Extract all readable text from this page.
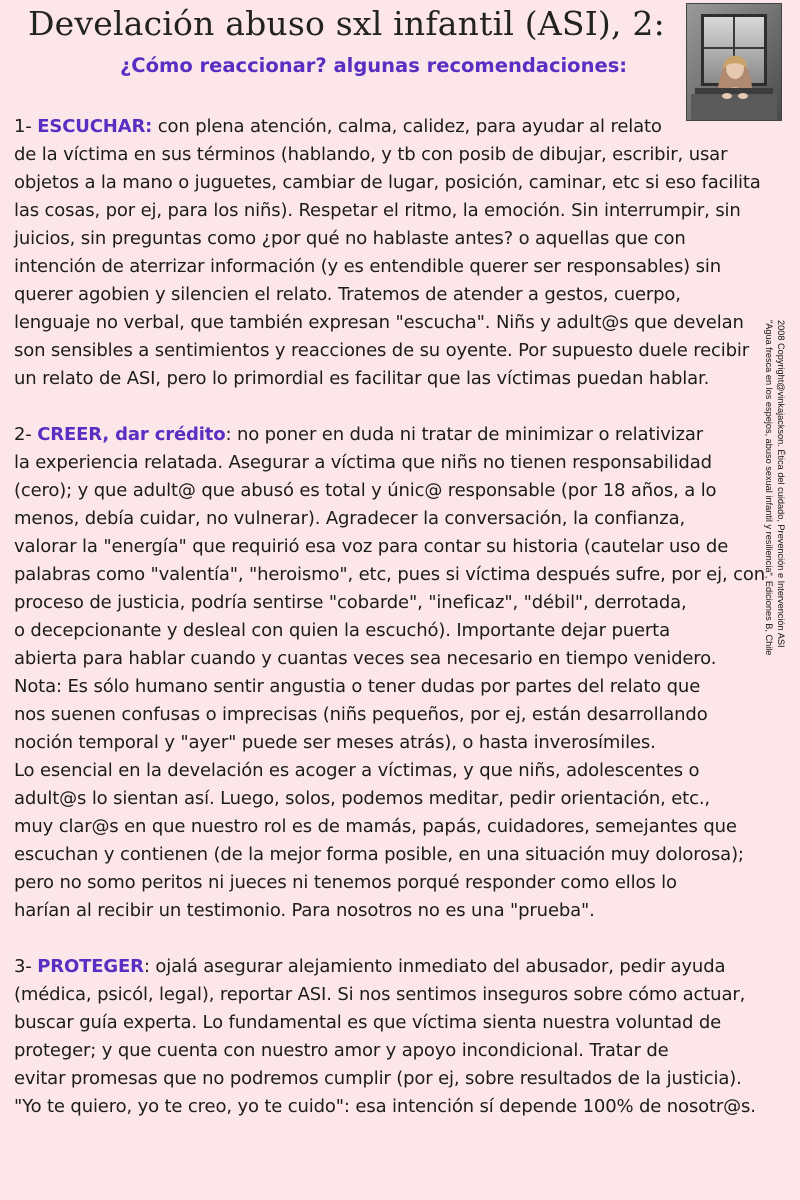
Develación abuso sxl infantil (ASI), 2:
¿Cómo reaccionar? algunas recomendaciones:
2008 Copyright@vinkajackson. Ética del cuidado, Prevención e Intervención ASI
"Agua fresca en los espejos, abuso sexual infantil y resiliencia", Ediciones B, Chile
1- ESCUCHAR: con plena atención, calma, calidez, para ayudar al relato
de la víctima en sus términos (hablando, y tb con posib de dibujar, escribir, usar
objetos a la mano o juguetes, cambiar de lugar, posición, caminar, etc si eso facilita
las cosas, por ej, para los niñs). Respetar el ritmo, la emoción. Sin interrumpir, sin
juicios, sin preguntas como ¿por qué no hablaste antes? o aquellas que con
intención de aterrizar información (y es entendible querer ser responsables) sin
querer agobien y silencien el relato. Tratemos de atender a gestos, cuerpo,
lenguaje no verbal, que también expresan "escucha". Niñs y adult@s que develan
son sensibles a sentimientos y reacciones de su oyente. Por supuesto duele recibir
un relato de ASI, pero lo primordial es facilitar que las víctimas puedan hablar.
2- CREER, dar crédito: no poner en duda ni tratar de minimizar o relativizar
la experiencia relatada. Asegurar a víctima que niñs no tienen responsabilidad
(cero); y que adult@ que abusó es total y únic@ responsable (por 18 años, a lo
menos, debía cuidar, no vulnerar). Agradecer la conversación, la confianza,
valorar la "energía" que requirió esa voz para contar su historia (cautelar uso de
palabras como "valentía", "heroismo", etc, pues si víctima después sufre, por ej, con
proceso de justicia, podría sentirse "cobarde", "ineficaz", "débil", derrotada,
o decepcionante y desleal con quien la escuchó). Importante dejar puerta
abierta para hablar cuando y cuantas veces sea necesario en tiempo venidero.
Nota: Es sólo humano sentir angustia o tener dudas por partes del relato que
nos suenen confusas o imprecisas (niñs pequeños, por ej, están desarrollando
noción temporal y "ayer" puede ser meses atrás), o hasta inverosímiles.
Lo esencial en la develación es acoger a víctimas, y que niñs, adolescentes o
adult@s lo sientan así. Luego, solos, podemos meditar, pedir orientación, etc.,
muy clar@s en que nuestro rol es de mamás, papás, cuidadores, semejantes que
escuchan y contienen (de la mejor forma posible, en una situación muy dolorosa);
pero no somo peritos ni jueces ni tenemos porqué responder como ellos lo
harían al recibir un testimonio. Para nosotros no es una "prueba".
3- PROTEGER: ojalá asegurar alejamiento inmediato del abusador, pedir ayuda
(médica, psicól, legal), reportar ASI. Si nos sentimos inseguros sobre cómo actuar,
buscar guía experta. Lo fundamental es que víctima sienta nuestra voluntad de
proteger; y que cuenta con nuestro amor y apoyo incondicional. Tratar de
evitar promesas que no podremos cumplir (por ej, sobre resultados de la justicia).
"Yo te quiero, yo te creo, yo te cuido": esa intención sí depende 100% de nosotr@s.
